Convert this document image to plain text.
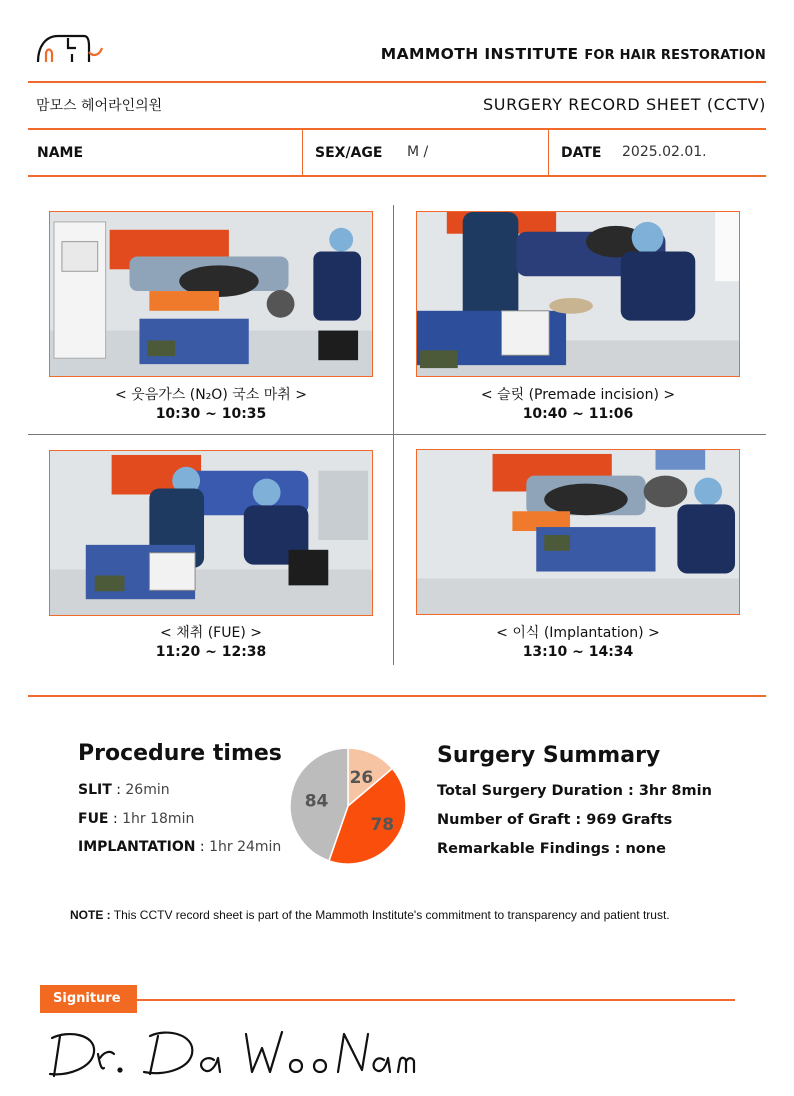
MAMMOTH INSTITUTE FOR HAIR RESTORATION
맘모스 헤어라인의원	SURGERY RECORD SHEET (CCTV)
NAME	SEX/AGE M /	DATE 2025.02.01.
< 웃음가스 (N₂O) 국소 마취 >
10:30 ~ 10:35
< 슬릿 (Premade incision) >
10:40 ~ 11:06
< 채취 (FUE) >
11:20 ~ 12:38
< 이식 (Implantation) >
13:10 ~ 14:34
Procedure times
SLIT : 26min
FUE : 1hr 18min
IMPLANTATION : 1hr 24min
26
78
84
Surgery Summary
Total Surgery Duration : 3hr 8min
Number of Graft : 969 Grafts
Remarkable Findings : none
NOTE : This CCTV record sheet is part of the Mammoth Institute's commitment to transparency and patient trust.
Signiture
